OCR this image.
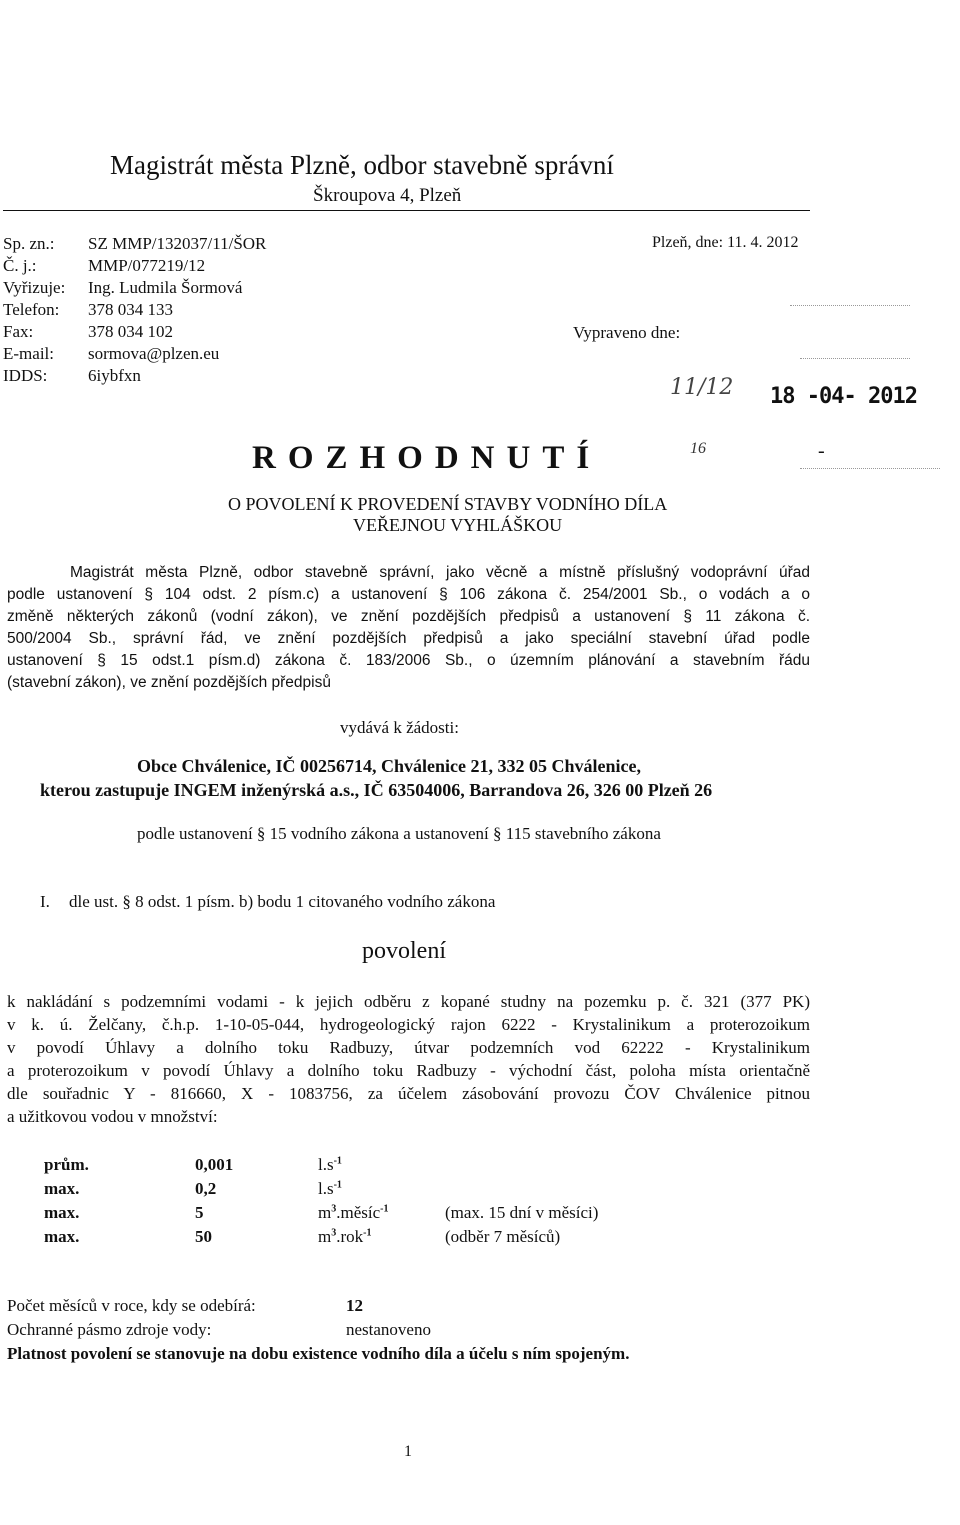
Magistrát města Plzně, odbor stavebně správní
Škroupova 4, Plzeň
Sp. zn.: SZ MMP/132037/11/ŠOR
Č. j.:	MMP/077219/12
Vyřizuje: Ing. Ludmila Šormová
Telefon: 378 034 133
Fax:	378 034 102
E-mail: sormova@plzen.eu
IDDS: 6iybfxn
Plzeň, dne: 11. 4. 2012
Vypraveno dne:
11/12 18 -04- 2012
16	-
ROZHODNUTÍ
O POVOLENÍ K PROVEDENÍ STAVBY VODNÍHO DÍLA
VEŘEJNOU VYHLÁŠKOU
Magistrát města Plzně, odbor stavebně správní, jako věcně a místně příslušný vodoprávní úřad
podle ustanovení § 104 odst. 2 písm.c) a ustanovení § 106 zákona č. 254/2001 Sb., o vodách a o
změně některých zákonů (vodní zákon), ve znění pozdějších předpisů a ustanovení § 11 zákona č.
500/2004 Sb., správní řád, ve znění pozdějších předpisů a jako speciální stavební úřad podle
ustanovení § 15 odst.1 písm.d) zákona č. 183/2006 Sb., o územním plánování a stavebním řádu
(stavební zákon), ve znění pozdějších předpisů
vydává k žádosti:
Obce Chválenice, IČ 00256714, Chválenice 21, 332 05 Chválenice,
kterou zastupuje INGEM inženýrská a.s., IČ 63504006, Barrandova 26, 326 00 Plzeň 26
podle ustanovení § 15 vodního zákona a ustanovení § 115 stavebního zákona
I. dle ust. § 8 odst. 1 písm. b) bodu 1 citovaného vodního zákona
povolení
k nakládání s podzemními vodami - k jejich odběru z kopané studny na pozemku p. č. 321 (377 PK)
v k. ú. Želčany, č.h.p. 1-10-05-044, hydrogeologický rajon 6222 - Krystalinikum a proterozoikum
v povodí Úhlavy a dolního toku Radbuzy, útvar podzemních vod 62222 - Krystalinikum
a proterozoikum v povodí Úhlavy a dolního toku Radbuzy - východní část, poloha místa orientačně
dle souřadnic Y - 816660, X - 1083756, za účelem zásobování provozu ČOV Chválenice pitnou
a užitkovou vodou v množství:
prům.	0,001	$l.s^{-1}$
max.	0,2	$l.s^{-1}$
max.	5	$m^3.měsíc^{-1}$	(max. 15 dní v měsíci)
max.	50	$m^3.rok^{-1}$	(odběr 7 měsíců)
Počet měsíců v roce, kdy se odebírá:	12
Ochranné pásmo zdroje vody:	nestanoveno
Platnost povolení se stanovuje na dobu existence vodního díla a účelu s ním spojeným.
1
